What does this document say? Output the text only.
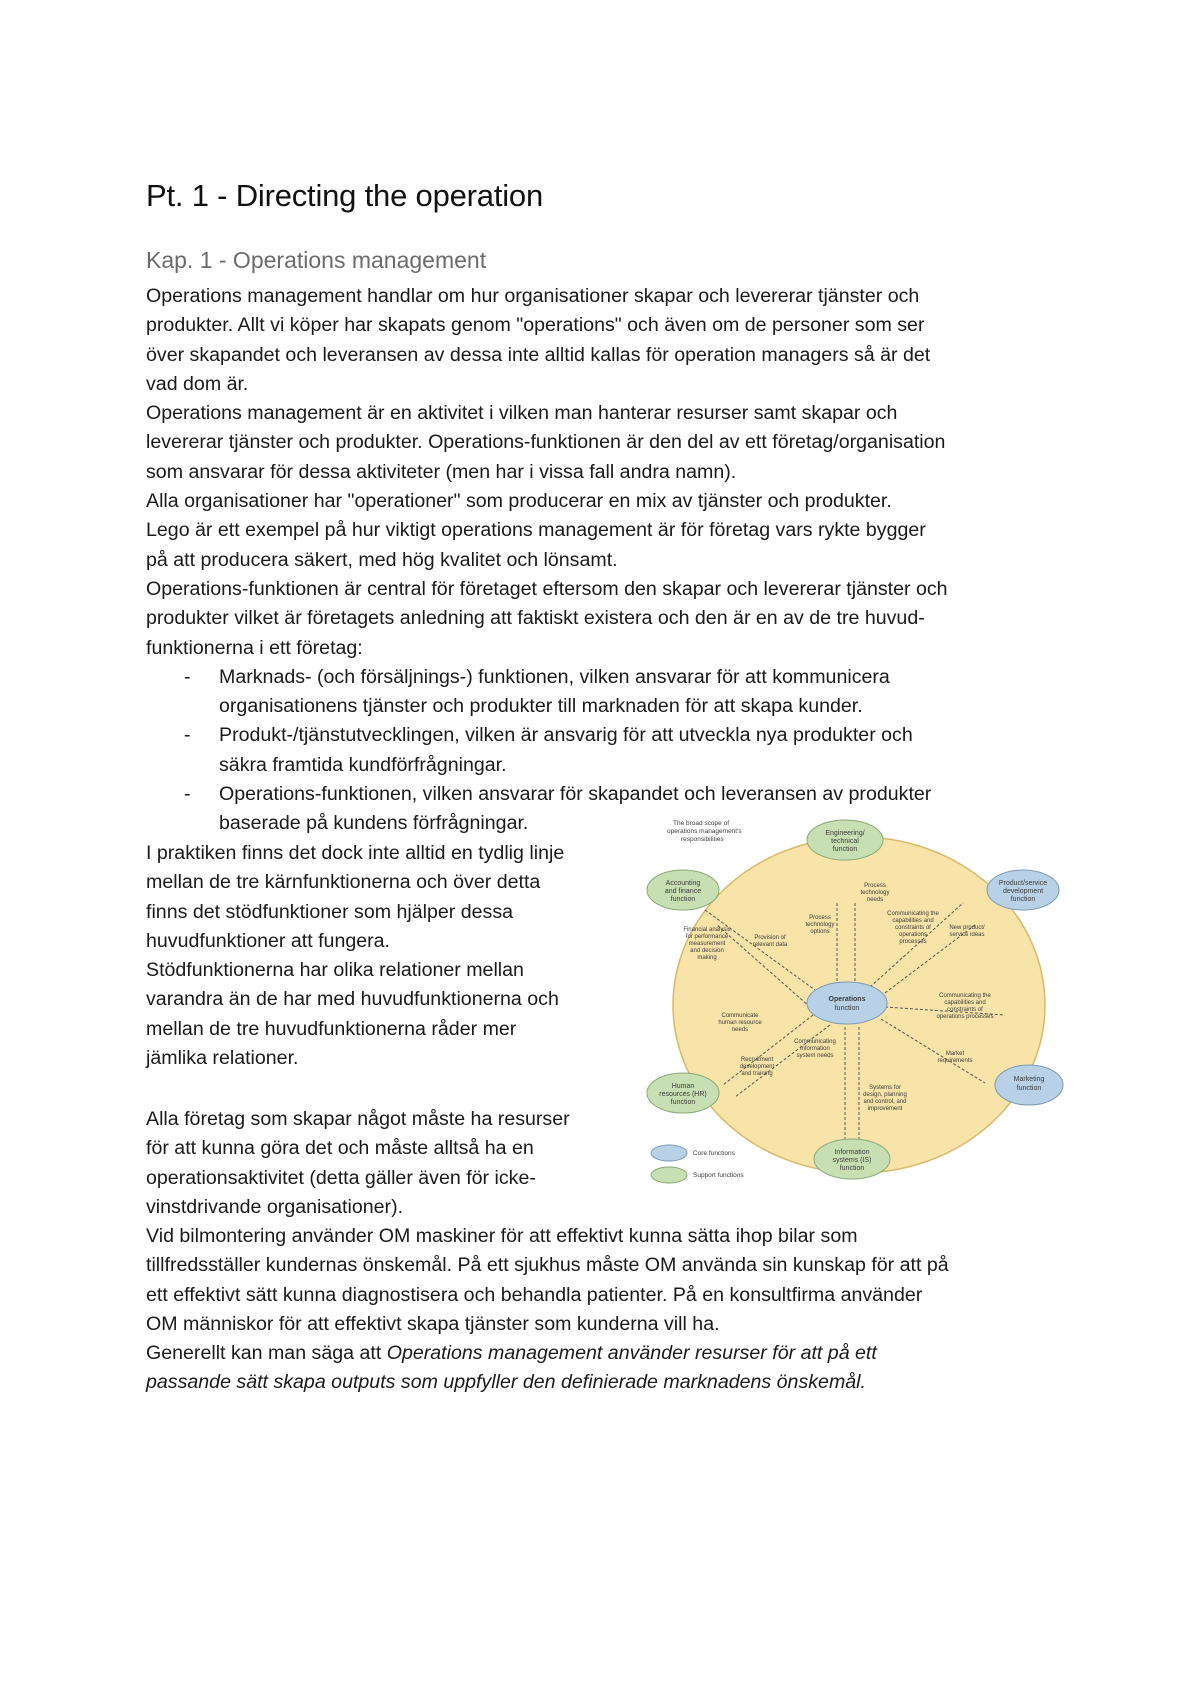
Pt. 1 - Directing the operation
Kap. 1 - Operations management
Operations management handlar om hur organisationer skapar och levererar tjänster och
produkter. Allt vi köper har skapats genom "operations" och även om de personer som ser
över skapandet och leveransen av dessa inte alltid kallas för operation managers så är det
vad dom är.
Operations management är en aktivitet i vilken man hanterar resurser samt skapar och
levererar tjänster och produkter. Operations-funktionen är den del av ett företag/organisation
som ansvarar för dessa aktiviteter (men har i vissa fall andra namn).
Alla organisationer har "operationer" som producerar en mix av tjänster och produkter.
Lego är ett exempel på hur viktigt operations management är för företag vars rykte bygger
på att producera säkert, med hög kvalitet och lönsamt.
Operations-funktionen är central för företaget eftersom den skapar och levererar tjänster och
produkter vilket är företagets anledning att faktiskt existera och den är en av de tre huvud-
funktionerna i ett företag:
- Marknads- (och försäljnings-) funktionen, vilken ansvarar för att kommunicera
organisationens tjänster och produkter till marknaden för att skapa kunder.
- Produkt-/tjänstutvecklingen, vilken är ansvarig för att utveckla nya produkter och
säkra framtida kundförfrågningar.
- Operations-funktionen, vilken ansvarar för skapandet och leveransen av produkter
baserade på kundens förfrågningar.
I praktiken finns det dock inte alltid en tydlig linje
mellan de tre kärnfunktionerna och över detta
finns det stödfunktioner som hjälper dessa
huvudfunktioner att fungera.
Stödfunktionerna har olika relationer mellan
varandra än de har med huvudfunktionerna och
mellan de tre huvudfunktionerna råder mer
jämlika relationer.
Alla företag som skapar något måste ha resurser
för att kunna göra det och måste alltså ha en
operationsaktivitet (detta gäller även för icke-
vinstdrivande organisationer).
Vid bilmontering använder OM maskiner för att effektivt kunna sätta ihop bilar som
tillfredsställer kundernas önskemål. På ett sjukhus måste OM använda sin kunskap för att på
ett effektivt sätt kunna diagnostisera och behandla patienter. På en konsultfirma använder
OM människor för att effektivt skapa tjänster som kunderna vill ha.
Generellt kan man säga att Operations management använder resurser för att på ett
passande sätt skapa outputs som uppfyller den definierade marknadens önskemål.
Engineering/
technical
function
Product/service
development
function
Accounting
and finance
function
Operations
function
Marketing
function
Human
resources (HR)
function
Information
systems (IS)
function
The broad scope of
operations management's
responsibilities
Process
technology
needs
Process
technology
options
Communicating the
capabilities and
constraints of
operations
processes
New product/
service ideas
Financial analysis
for performance
measurement
and decision
making
Provision of
relevant data
Communicating the
capabilities and
constraints of
operations processes
Communicate
human resource
needs
Market
requirements
Recruitment
development
and training
Communicating
information
system needs
Systems for
design, planning
and control, and
improvement
Core functions
Support functions
